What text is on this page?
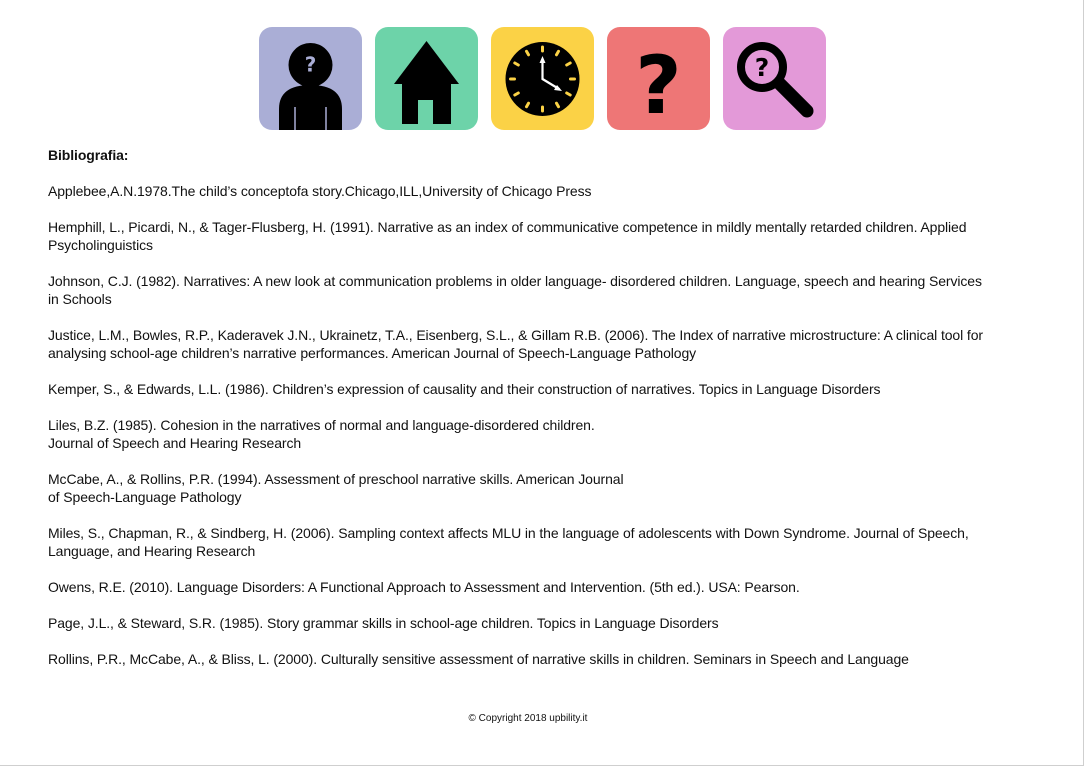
?	?	?
Bibliografia:
Applebee,A.N.1978.The child’s conceptofa story.Chicago,ILL,University of Chicago Press
Hemphill, L., Picardi, N., & Tager-Flusberg, H. (1991). Narrative as an index of communicative competence in mildly mentally retarded children. Applied
Psycholinguistics
Johnson, C.J. (1982). Narratives: A new look at communication problems in older language- disordered children. Language, speech and hearing Services
in Schools
Justice, L.M., Bowles, R.P., Kaderavek J.N., Ukrainetz, T.A., Eisenberg, S.L., & Gillam R.B. (2006). The Index of narrative microstructure: A clinical tool for
analysing school-age children’s narrative performances. American Journal of Speech-Language Pathology
Kemper, S., & Edwards, L.L. (1986). Children’s expression of causality and their construction of narratives. Topics in Language Disorders
Liles, B.Z. (1985). Cohesion in the narratives of normal and language-disordered children.
Journal of Speech and Hearing Research
McCabe, A., & Rollins, P.R. (1994). Assessment of preschool narrative skills. American Journal
of Speech-Language Pathology
Miles, S., Chapman, R., & Sindberg, H. (2006). Sampling context affects MLU in the language of adolescents with Down Syndrome. Journal of Speech,
Language, and Hearing Research
Owens, R.E. (2010). Language Disorders: A Functional Approach to Assessment and Intervention. (5th ed.). USA: Pearson.
Page, J.L., & Steward, S.R. (1985). Story grammar skills in school-age children. Topics in Language Disorders
Rollins, P.R., McCabe, A., & Bliss, L. (2000). Culturally sensitive assessment of narrative skills in children. Seminars in Speech and Language
© Copyright 2018 upbility.it
